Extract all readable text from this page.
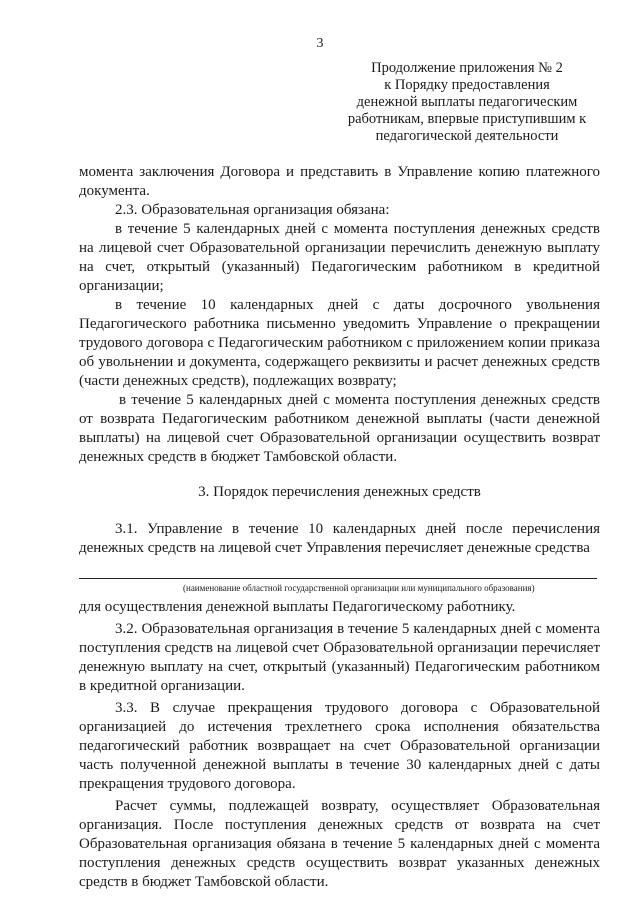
3
Продолжение приложения № 2
к Порядку предоставления
денежной выплаты педагогическим
работникам, впервые приступившим к
педагогической деятельности

момента заключения Договора и представить в Управление копию платежного документа.

2.3. Образовательная организация обязана:

в течение 5 календарных дней с момента поступления денежных средств на лицевой счет Образовательной организации перечислить денежную выплату на счет, открытый (указанный) Педагогическим работником в кредитной организации;

в течение 10 календарных дней с даты досрочного увольнения Педагогического работника письменно уведомить Управление о прекращении трудового договора с Педагогическим работником с приложением копии приказа об увольнении и документа, содержащего реквизиты и расчет денежных средств (части денежных средств), подлежащих возврату;

в течение 5 календарных дней с момента поступления денежных средств от возврата Педагогическим работником денежной выплаты (части денежной выплаты) на лицевой счет Образовательной организации осуществить возврат денежных средств в бюджет Тамбовской области.

3. Порядок перечисления денежных средств

3.1. Управление в течение 10 календарных дней после перечисления денежных средств на лицевой счет Управления перечисляет денежные средства

(наименование областной государственной организации или муниципального образования)

для осуществления денежной выплаты Педагогическому работнику.

3.2. Образовательная организация в течение 5 календарных дней с момента поступления средств на лицевой счет Образовательной организации перечисляет денежную выплату на счет, открытый (указанный) Педагогическим работником в кредитной организации.

3.3. В случае прекращения трудового договора с Образовательной организацией до истечения трехлетнего срока исполнения обязательства педагогический работник возвращает на счет Образовательной организации часть полученной денежной выплаты в течение 30 календарных дней с даты прекращения трудового договора.

Расчет суммы, подлежащей возврату, осуществляет Образовательная организация. После поступления денежных средств от возврата на счет Образовательная организация обязана в течение 5 календарных дней с момента поступления денежных средств осуществить возврат указанных денежных средств в бюджет Тамбовской области.
